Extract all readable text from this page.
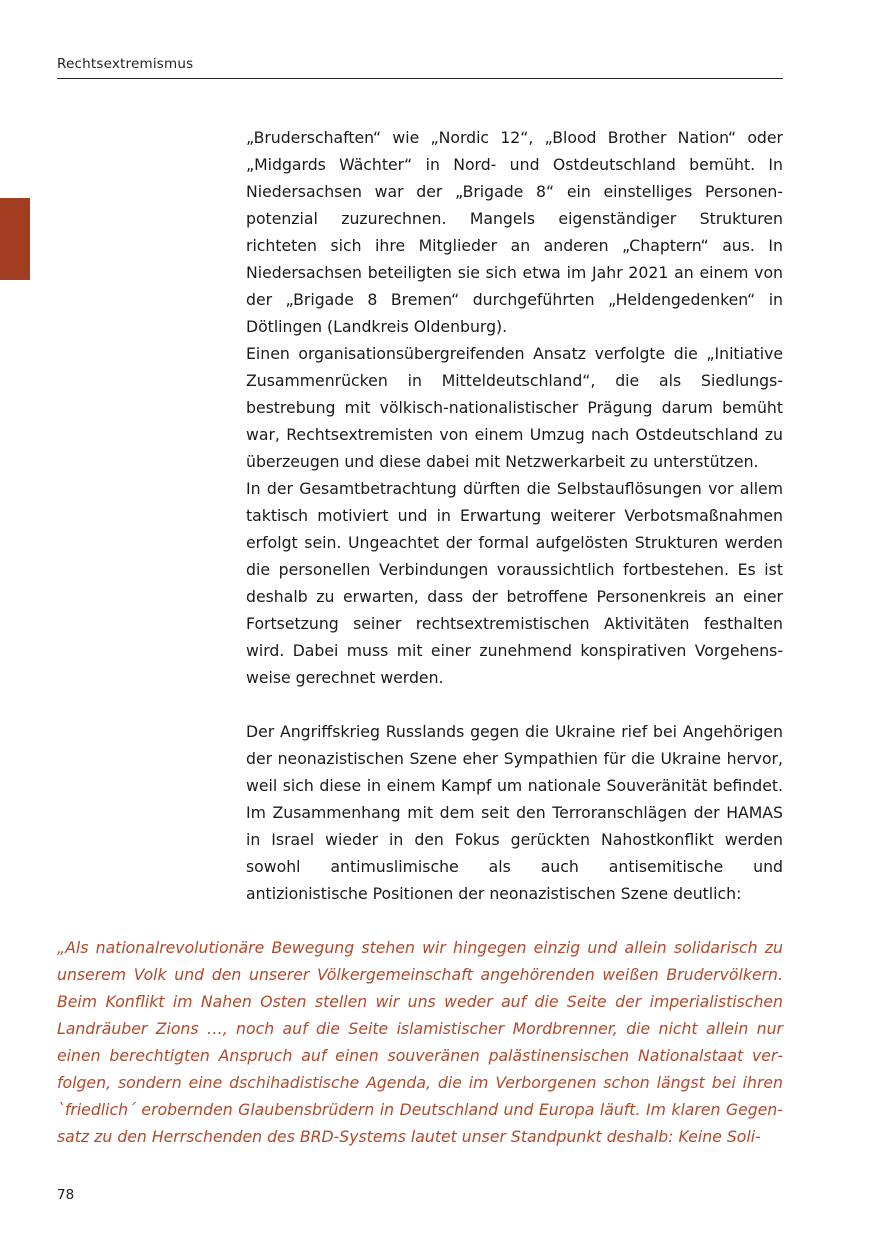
Rechtsextremismus

„Bruderschaften“ wie „Nordic 12“, „Blood Brother Nation“ oder „Midgards Wächter“ in Nord- und Ostdeutschland bemüht. In Niedersachsen war der „Brigade 8“ ein einstelliges Personenpotenzial zuzurechnen. Mangels eigenständiger Strukturen richteten sich ihre Mitglieder an anderen „Chaptern“ aus. In Niedersachsen beteiligten sie sich etwa im Jahr 2021 an einem von der „Brigade 8 Bremen“ durchgeführten „Heldengedenken“ in Dötlingen (Landkreis Oldenburg).

Einen organisationsübergreifenden Ansatz verfolgte die „Initiative Zusammenrücken in Mitteldeutschland“, die als Siedlungsbestrebung mit völkisch-nationalistischer Prägung darum bemüht war, Rechtsextremisten von einem Umzug nach Ostdeutschland zu überzeugen und diese dabei mit Netzwerkarbeit zu unterstützen.

In der Gesamtbetrachtung dürften die Selbstauflösungen vor allem taktisch motiviert und in Erwartung weiterer Verbotsmaßnahmen erfolgt sein. Ungeachtet der formal aufgelösten Strukturen werden die personellen Verbindungen voraussichtlich fortbestehen. Es ist deshalb zu erwarten, dass der betroffene Personenkreis an einer Fortsetzung seiner rechtsextremistischen Aktivitäten festhalten wird. Dabei muss mit einer zunehmend konspirativen Vorgehensweise gerechnet werden.

Der Angriffskrieg Russlands gegen die Ukraine rief bei Angehörigen der neonazistischen Szene eher Sympathien für die Ukraine hervor, weil sich diese in einem Kampf um nationale Souveränität befindet. Im Zusammenhang mit dem seit den Terroranschlägen der HAMAS in Israel wieder in den Fokus gerückten Nahostkonflikt werden sowohl antimuslimische als auch antisemitische und antizionistische Positionen der neonazistischen Szene deutlich:

„Als nationalrevolutionäre Bewegung stehen wir hingegen einzig und allein solidarisch zu unserem Volk und den unserer Völkergemeinschaft angehörenden weißen Brudervölkern. Beim Konflikt im Nahen Osten stellen wir uns weder auf die Seite der imperialistischen Landräuber Zions …, noch auf die Seite islamistischer Mordbrenner, die nicht allein nur einen berechtigten Anspruch auf einen souveränen palästinensischen Nationalstaat verfolgen, sondern eine dschihadistische Agenda, die im Verborgenen schon längst bei ihren `friedlich´ erobernden Glaubensbrüdern in Deutschland und Europa läuft. Im klaren Gegensatz zu den Herrschenden des BRD-Systems lautet unser Standpunkt deshalb: Keine Soli-

78
